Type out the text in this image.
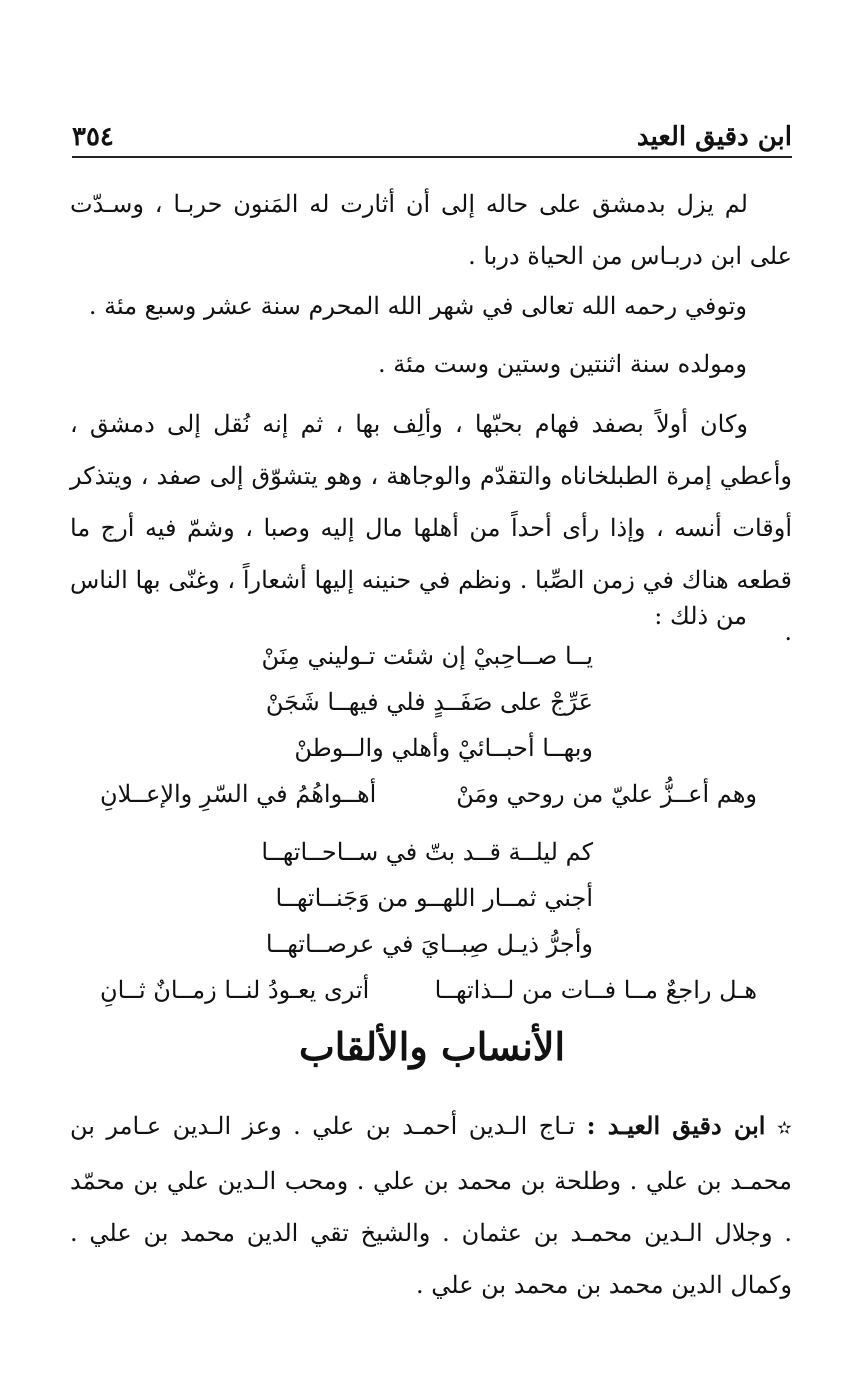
ابن دقيق العيد
٣٥٤

لم يزل بدمشق على حاله إلى أن أثارت له المَنون حربـا ، وسـدّت على ابن دربـاس من الحياة دربا .

وتوفي رحمه الله تعالى في شهر الله المحرم سنة عشر وسبع مئة .
ومولده سنة اثنتين وستين وست مئة .

وكان أولاً بصفد فهام بحبّها ، وألِف بها ، ثم إنه نُقل إلى دمشق ، وأعطي إمرة الطبلخاناه والتقدّم والوجاهة ، وهو يتشوّق إلى صفد ، ويتذكر أوقات أنسه ، وإذا رأى أحداً من أهلها مال إليه وصبا ، وشمّ فيه أرج ما قطعه هناك في زمن الصِّبا . ونظم في حنينه إليها أشعاراً ، وغنّى بها الناس .

من ذلك :
يــا صــاحِبيْ إن شئت تـوليني مِنَنْ
عَرِّجْ على صَفَــدٍ فلي فيهــا شَجَنْ
وبهــا أحبــائيْ وأهلي والــوطنْ
وهم أعــزُّ عليّ من روحي ومَنْ
أهــواهُمُ في السّرِ والإعــلانِ
كم ليلــة قــد بتّ في ســاحــاتهــا
أجني ثمــار اللهــو من وَجَنــاتهــا
وأجرُّ ذيـل صِبــايَ في عرصــاتهــا
هـل راجعٌ مــا فــات من لــذاتهــا
أترى يعـودُ لنــا زمــانٌ ثــانِ
الأنساب والألقاب
✫ ابن دقيق العيـد : تـاج الـدين أحمـد بن علي . وعز الـدين عـامر بن محمـد بن علي . وطلحة بن محمد بن علي . ومحب الـدين علي بن محمّد . وجلال الـدين محمـد بن عثمان . والشيخ تقي الدين محمد بن علي . وكمال الدين محمد بن محمد بن علي .
